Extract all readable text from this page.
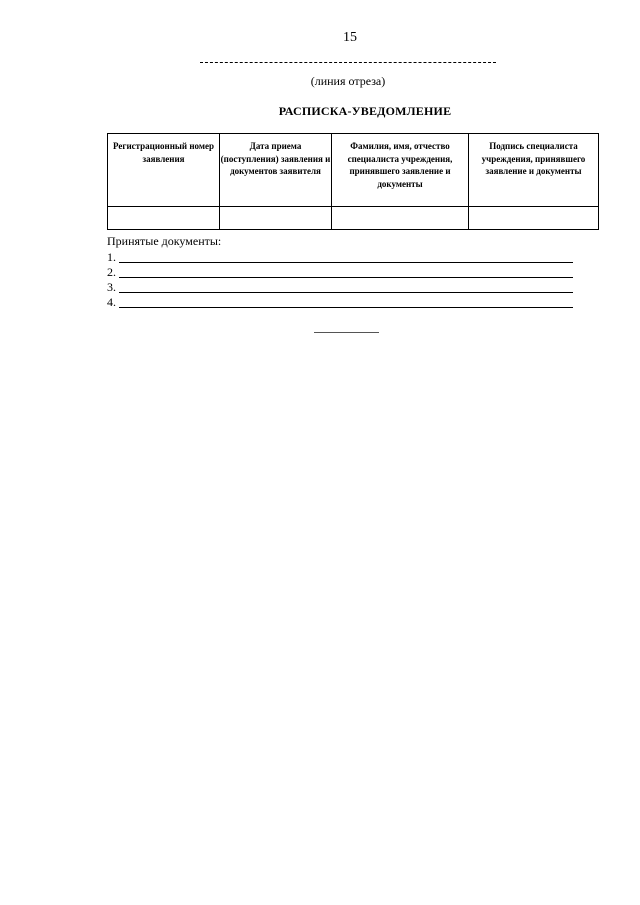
15
(линия отреза)
РАСПИСКА-УВЕДОМЛЕНИЕ
Регистрационный номер заявления	Дата приема (поступления) заявления и документов заявителя	Фамилия, имя, отчество специалиста учреждения, принявшего заявление и документы	Подпись специалиста учреждения, принявшего заявление и документы

Принятые документы:
1.
2.
3.
4.
